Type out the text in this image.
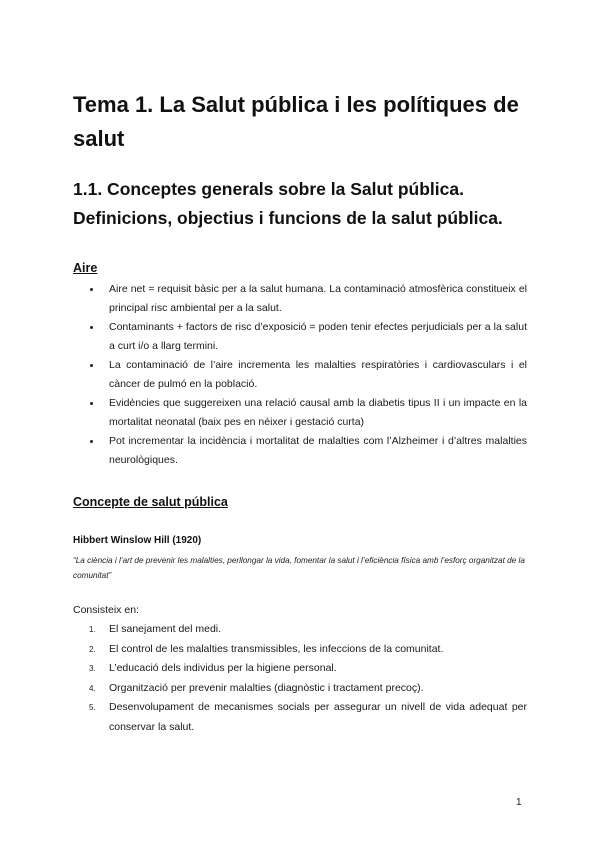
Tema 1. La Salut pública i les polítiques de salut
1.1. Conceptes generals sobre la Salut pública. Definicions, objectius i funcions de la salut pública.
Aire
Aire net = requisit bàsic per a la salut humana. La contaminació atmosfèrica constitueix el principal risc ambiental per a la salut.
Contaminants + factors de risc d’exposició = poden tenir efectes perjudicials per a la salut a curt i/o a llarg termini.
La contaminació de l’aire incrementa les malalties respiratòries i cardiovasculars i el càncer de pulmó en la població.
Evidències que suggereixen una relació causal amb la diabetis tipus II i un impacte en la mortalitat neonatal (baix pes en néixer i gestació curta)
Pot incrementar la incidència i mortalitat de malalties com l’Alzheimer i d’altres malalties neurològiques.
Concepte de salut pública

Hibbert Winslow Hill (1920)

“La ciència i l’art de prevenir les malalties, perllongar la vida, fomentar la salut i l’eficiència física amb l’esforç organitzat de la comunitat”

Consisteix en:

1. El sanejament del medi.
2. El control de les malalties transmissibles, les infeccions de la comunitat.
3. L’educació dels individus per la higiene personal.
4. Organització per prevenir malalties (diagnòstic i tractament precoç).
5. Desenvolupament de mecanismes socials per assegurar un nivell de vida adequat per conservar la salut.

1
